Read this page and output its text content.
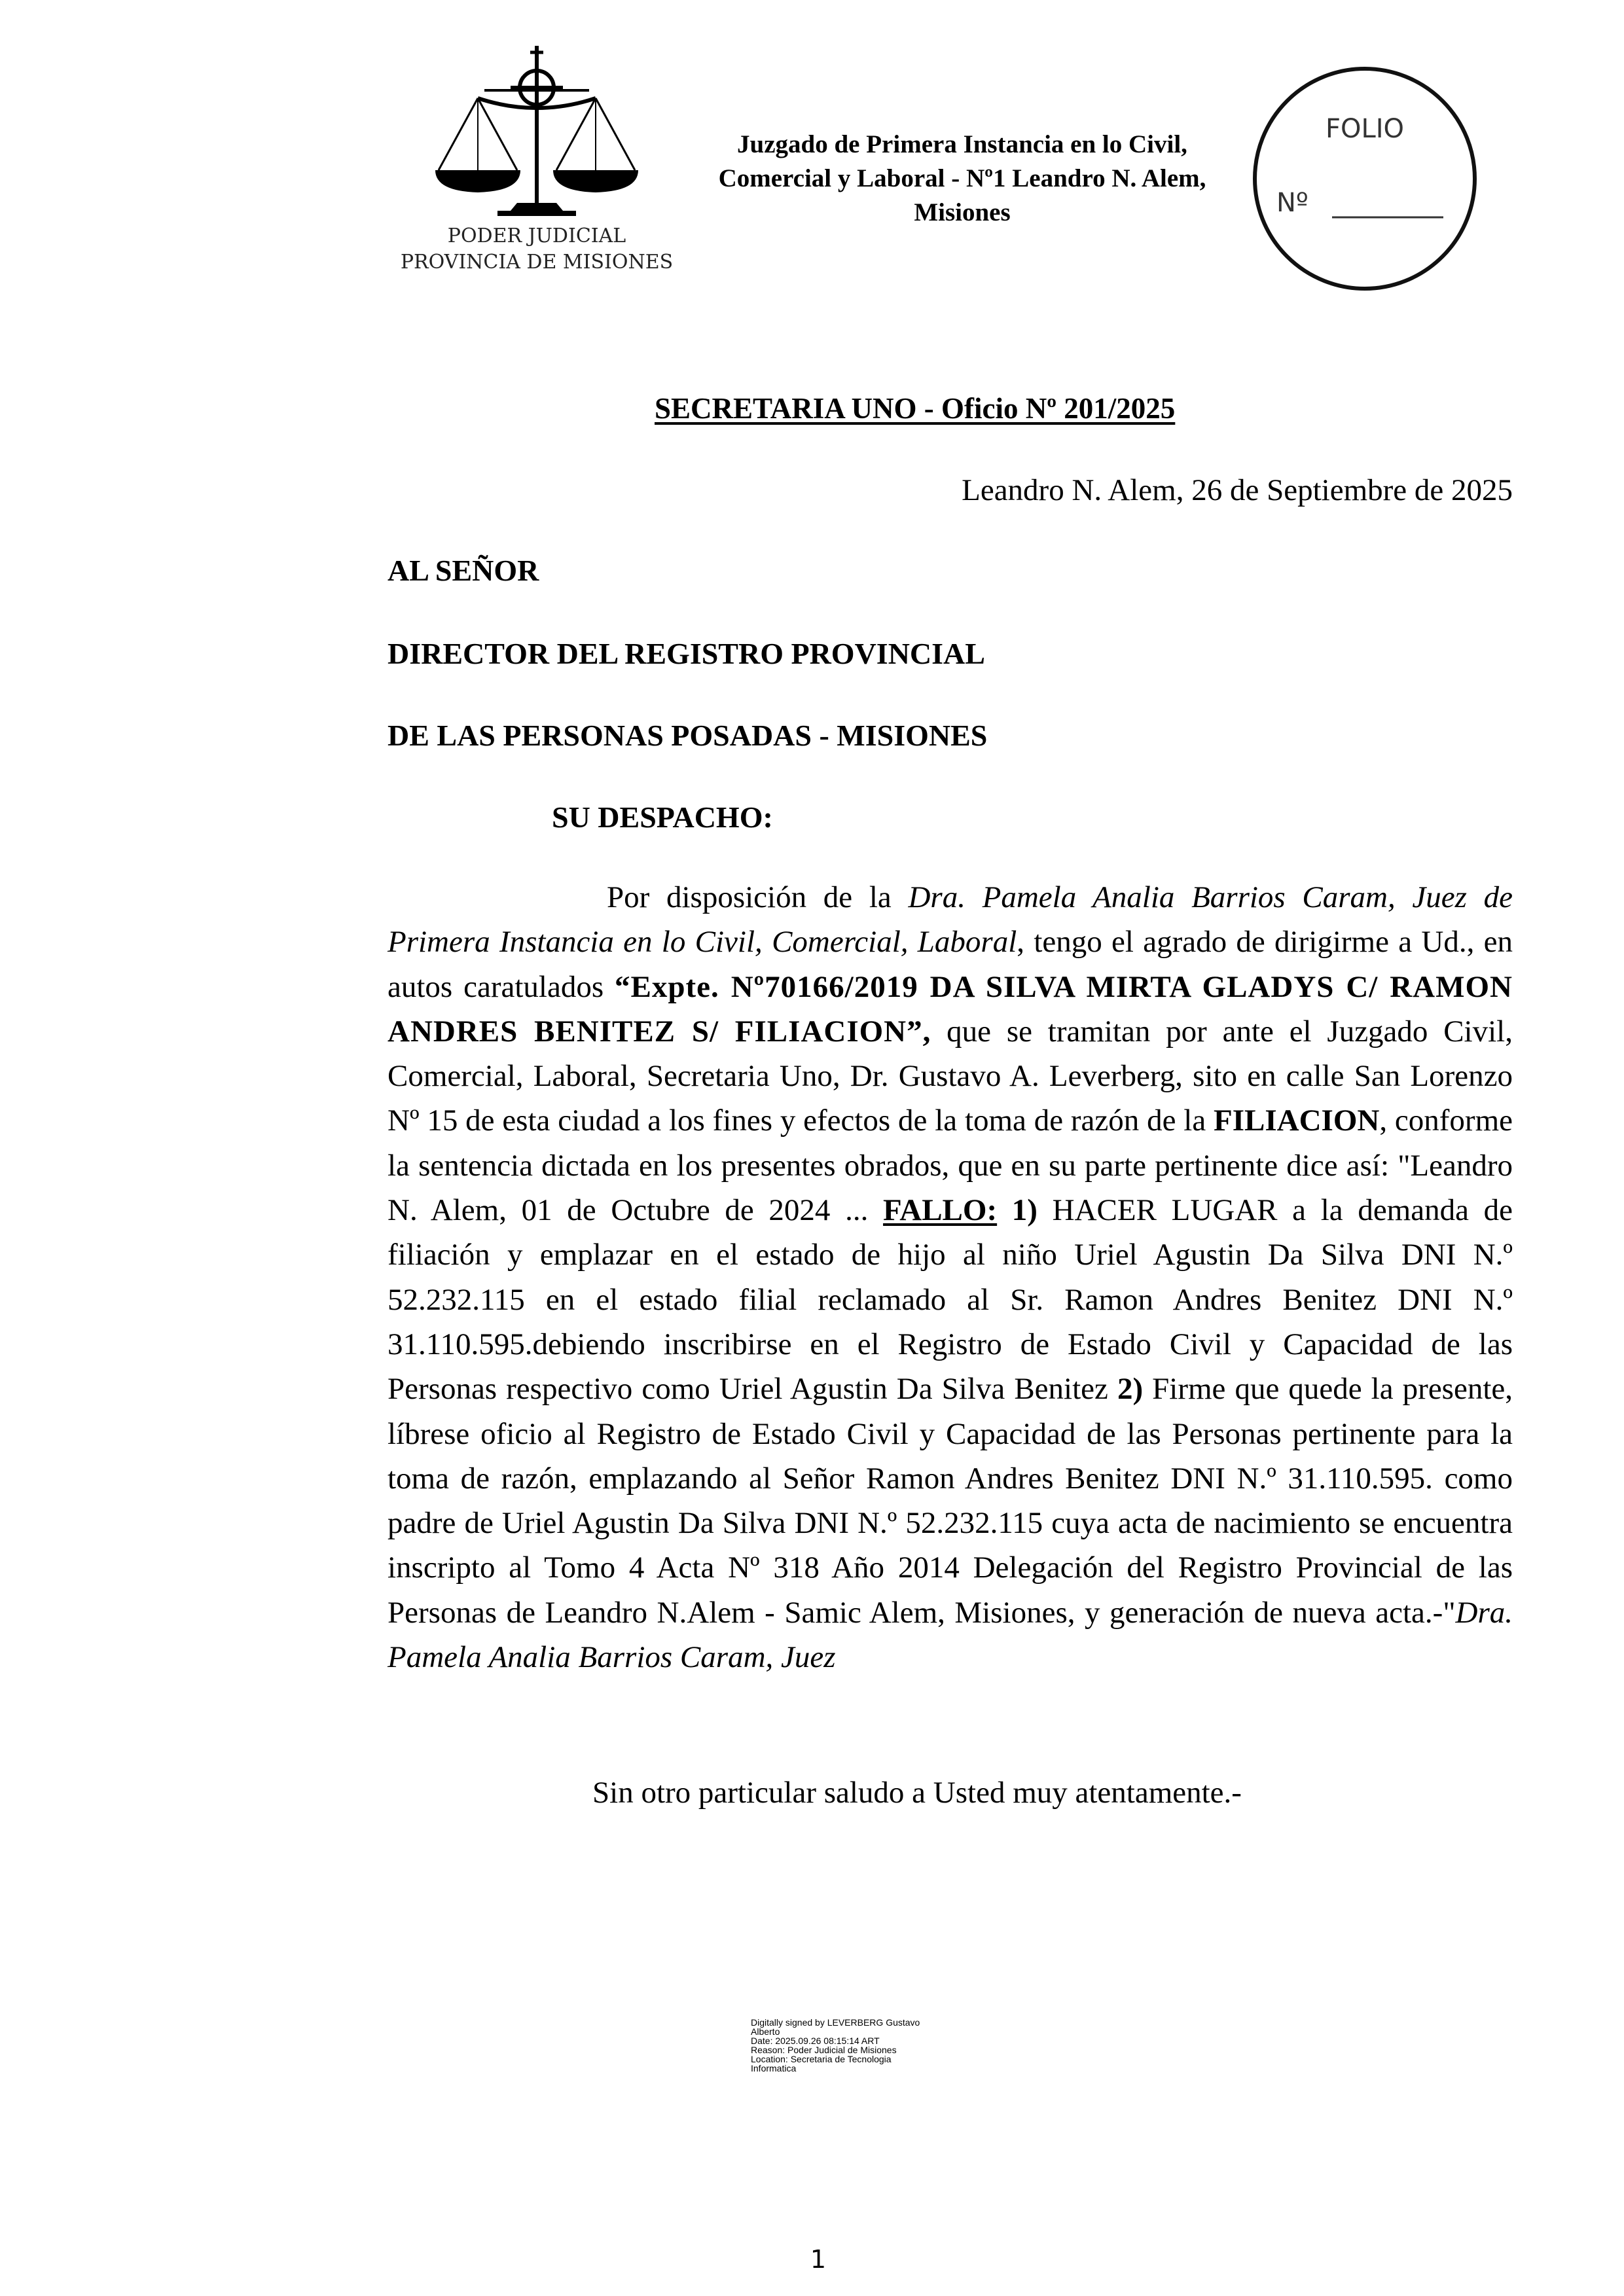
PODER JUDICIAL
PROVINCIA DE MISIONES
Juzgado de Primera Instancia en lo Civil,
Comercial y Laboral - Nº1 Leandro N. Alem,
Misiones
FOLIO
Nº
SECRETARIA UNO - Oficio Nº 201/2025
Leandro N. Alem, 26 de Septiembre de 2025
AL SEÑOR
DIRECTOR DEL REGISTRO PROVINCIAL
DE LAS PERSONAS POSADAS - MISIONES
SU DESPACHO:
Por disposición de la Dra. Pamela Analia Barrios Caram, Juez de Primera Instancia en lo Civil, Comercial, Laboral, tengo el agrado de dirigirme a Ud., en autos caratulados “Expte. Nº70166/2019 DA SILVA MIRTA GLADYS C/ RAMON ANDRES BENITEZ S/ FILIACION”, que se tramitan por ante el Juzgado Civil, Comercial, Laboral, Secretaria Uno, Dr. Gustavo A. Leverberg, sito en calle San Lorenzo Nº 15 de esta ciudad a los fines y efectos de la toma de razón de la FILIACION, conforme la sentencia dictada en los presentes obrados, que en su parte pertinente dice así: "Leandro N. Alem, 01 de Octubre de 2024 ... FALLO: 1) HACER LUGAR a la demanda de filiación y emplazar en el estado de hijo al niño Uriel Agustin Da Silva DNI N.º 52.232.115 en el estado filial reclamado al Sr. Ramon Andres Benitez DNI N.º 31.110.595.debiendo inscribirse en el Registro de Estado Civil y Capacidad de las Personas respectivo como Uriel Agustin Da Silva Benitez 2) Firme que quede la presente, líbrese oficio al Registro de Estado Civil y Capacidad de las Personas pertinente para la toma de razón, emplazando al Señor Ramon Andres Benitez DNI N.º 31.110.595. como padre de Uriel Agustin Da Silva DNI N.º 52.232.115 cuya acta de nacimiento se encuentra inscripto al Tomo 4 Acta Nº 318 Año 2014 Delegación del Registro Provincial de las Personas de Leandro N.Alem - Samic Alem, Misiones, y generación de nueva acta.-"Dra. Pamela Analia Barrios Caram, Juez
Sin otro particular saludo a Usted muy atentamente.-
Digitally signed by LEVERBERG Gustavo
Alberto
Date: 2025.09.26 08:15:14 ART
Reason: Poder Judicial de Misiones
Location: Secretaria de Tecnologia
Informatica
1
